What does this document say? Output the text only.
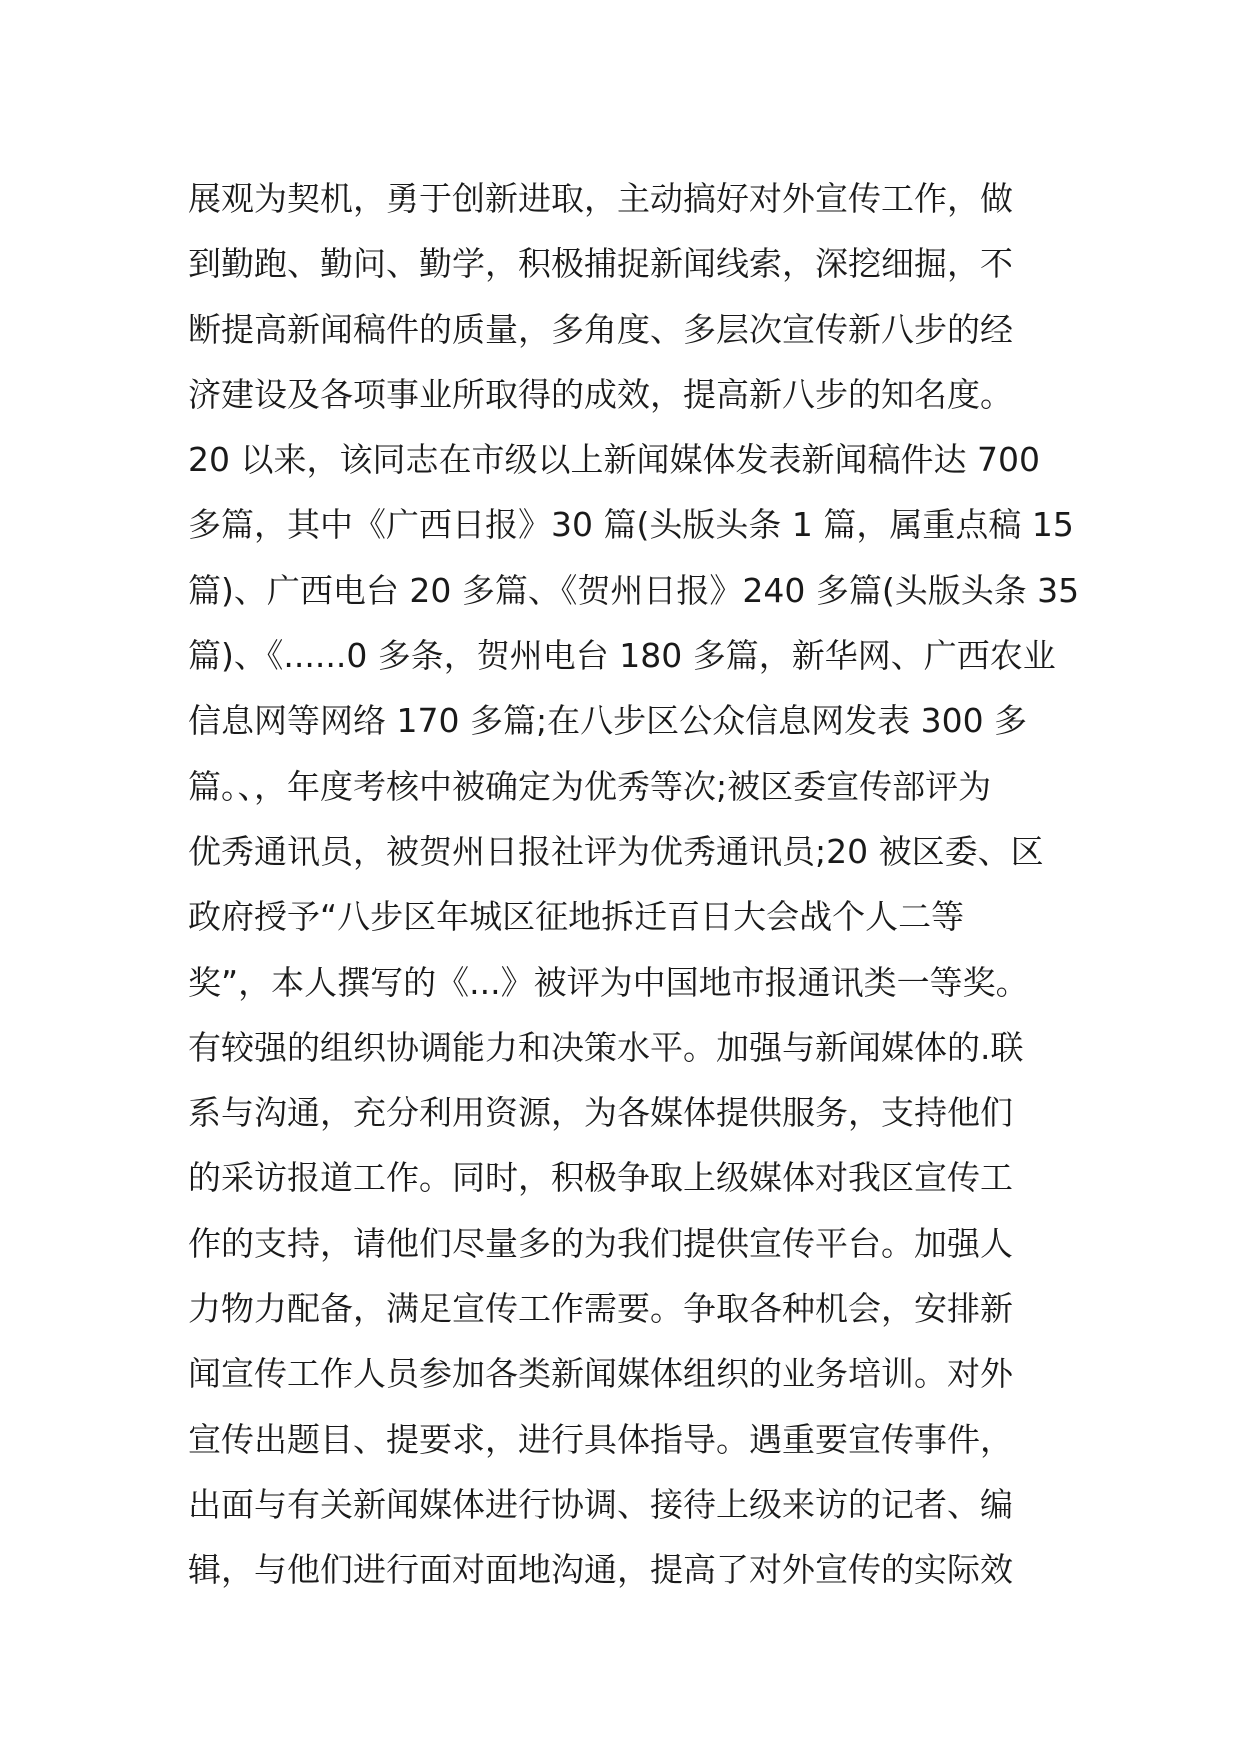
展观为契机，勇于创新进取，主动搞好对外宣传工作，做
到勤跑、勤问、勤学，积极捕捉新闻线索，深挖细掘，不
断提高新闻稿件的质量，多角度、多层次宣传新八步的经
济建设及各项事业所取得的成效，提高新八步的知名度。
20 以来，该同志在市级以上新闻媒体发表新闻稿件达 700
多篇，其中《广西日报》30 篇(头版头条 1 篇，属重点稿 15
篇)、广西电台 20 多篇、《贺州日报》240 多篇(头版头条 35
篇)、《......0 多条，贺州电台 180 多篇，新华网、广西农业
信息网等网络 170 多篇;在八步区公众信息网发表 300 多
篇。、，年度考核中被确定为优秀等次;被区委宣传部评为
优秀通讯员，被贺州日报社评为优秀通讯员;20 被区委、区
政府授予“八步区年城区征地拆迁百日大会战个人二等
奖”，本人撰写的《...》被评为中国地市报通讯类一等奖。
有较强的组织协调能力和决策水平。加强与新闻媒体的.联
系与沟通，充分利用资源，为各媒体提供服务，支持他们
的采访报道工作。同时，积极争取上级媒体对我区宣传工
作的支持，请他们尽量多的为我们提供宣传平台。加强人
力物力配备，满足宣传工作需要。争取各种机会，安排新
闻宣传工作人员参加各类新闻媒体组织的业务培训。对外
宣传出题目、提要求，进行具体指导。遇重要宣传事件，
出面与有关新闻媒体进行协调、接待上级来访的记者、编
辑，与他们进行面对面地沟通，提高了对外宣传的实际效
